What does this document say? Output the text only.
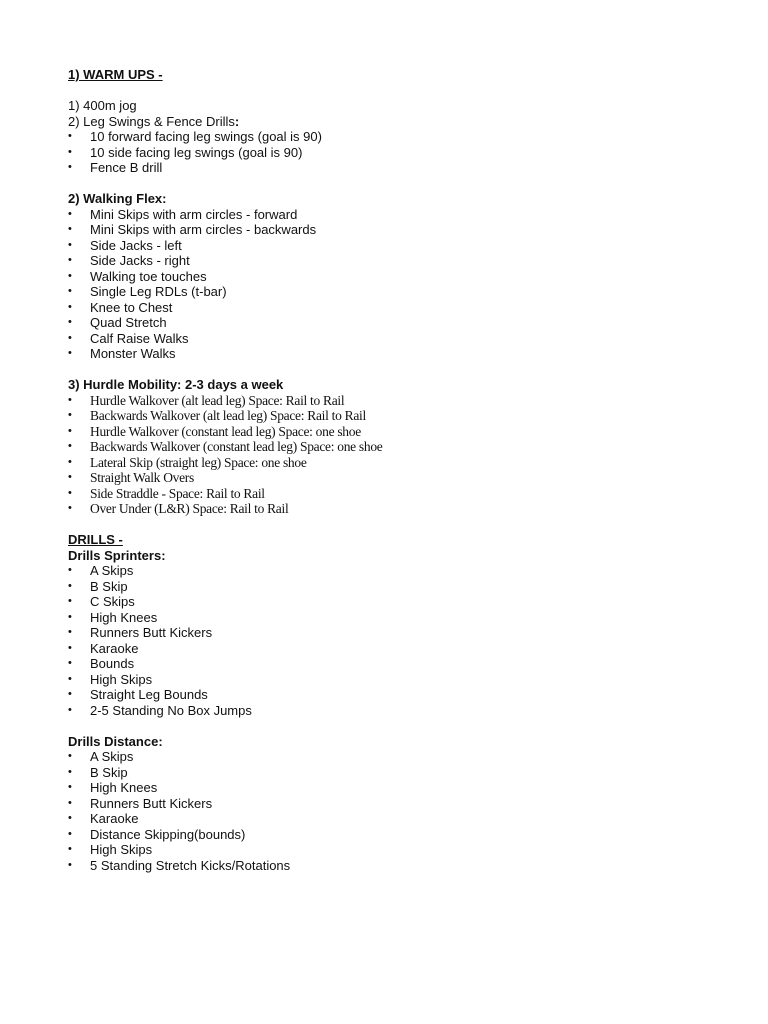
1) WARM UPS -
1) 400m jog
2) Leg Swings & Fence Drills:
•	10 forward facing leg swings (goal is 90)
•	10 side facing leg swings (goal is 90)
•	Fence B drill
2) Walking Flex:
•	Mini Skips with arm circles - forward
•	Mini Skips with arm circles - backwards
•	Side Jacks - left
•	Side Jacks - right
•	Walking toe touches
•	Single Leg RDLs (t-bar)
•	Knee to Chest
•	Quad Stretch
•	Calf Raise Walks
•	Monster Walks
3) Hurdle Mobility: 2-3 days a week
•	Hurdle Walkover (alt lead leg) Space: Rail to Rail
•	Backwards Walkover (alt lead leg) Space: Rail to Rail
•	Hurdle Walkover (constant lead leg) Space: one shoe
•	Backwards Walkover (constant lead leg) Space: one shoe
•	Lateral Skip (straight leg) Space: one shoe
•	Straight Walk Overs
•	Side Straddle - Space: Rail to Rail
•	Over Under (L&R) Space: Rail to Rail
DRILLS -
Drills Sprinters:
•	A Skips
•	B Skip
•	C Skips
•	High Knees
•	Runners Butt Kickers
•	Karaoke
•	Bounds
•	High Skips
•	Straight Leg Bounds
•	2-5 Standing No Box Jumps
Drills Distance:
•	A Skips
•	B Skip
•	High Knees
•	Runners Butt Kickers
•	Karaoke
•	Distance Skipping(bounds)
•	High Skips
•	5 Standing Stretch Kicks/Rotations
